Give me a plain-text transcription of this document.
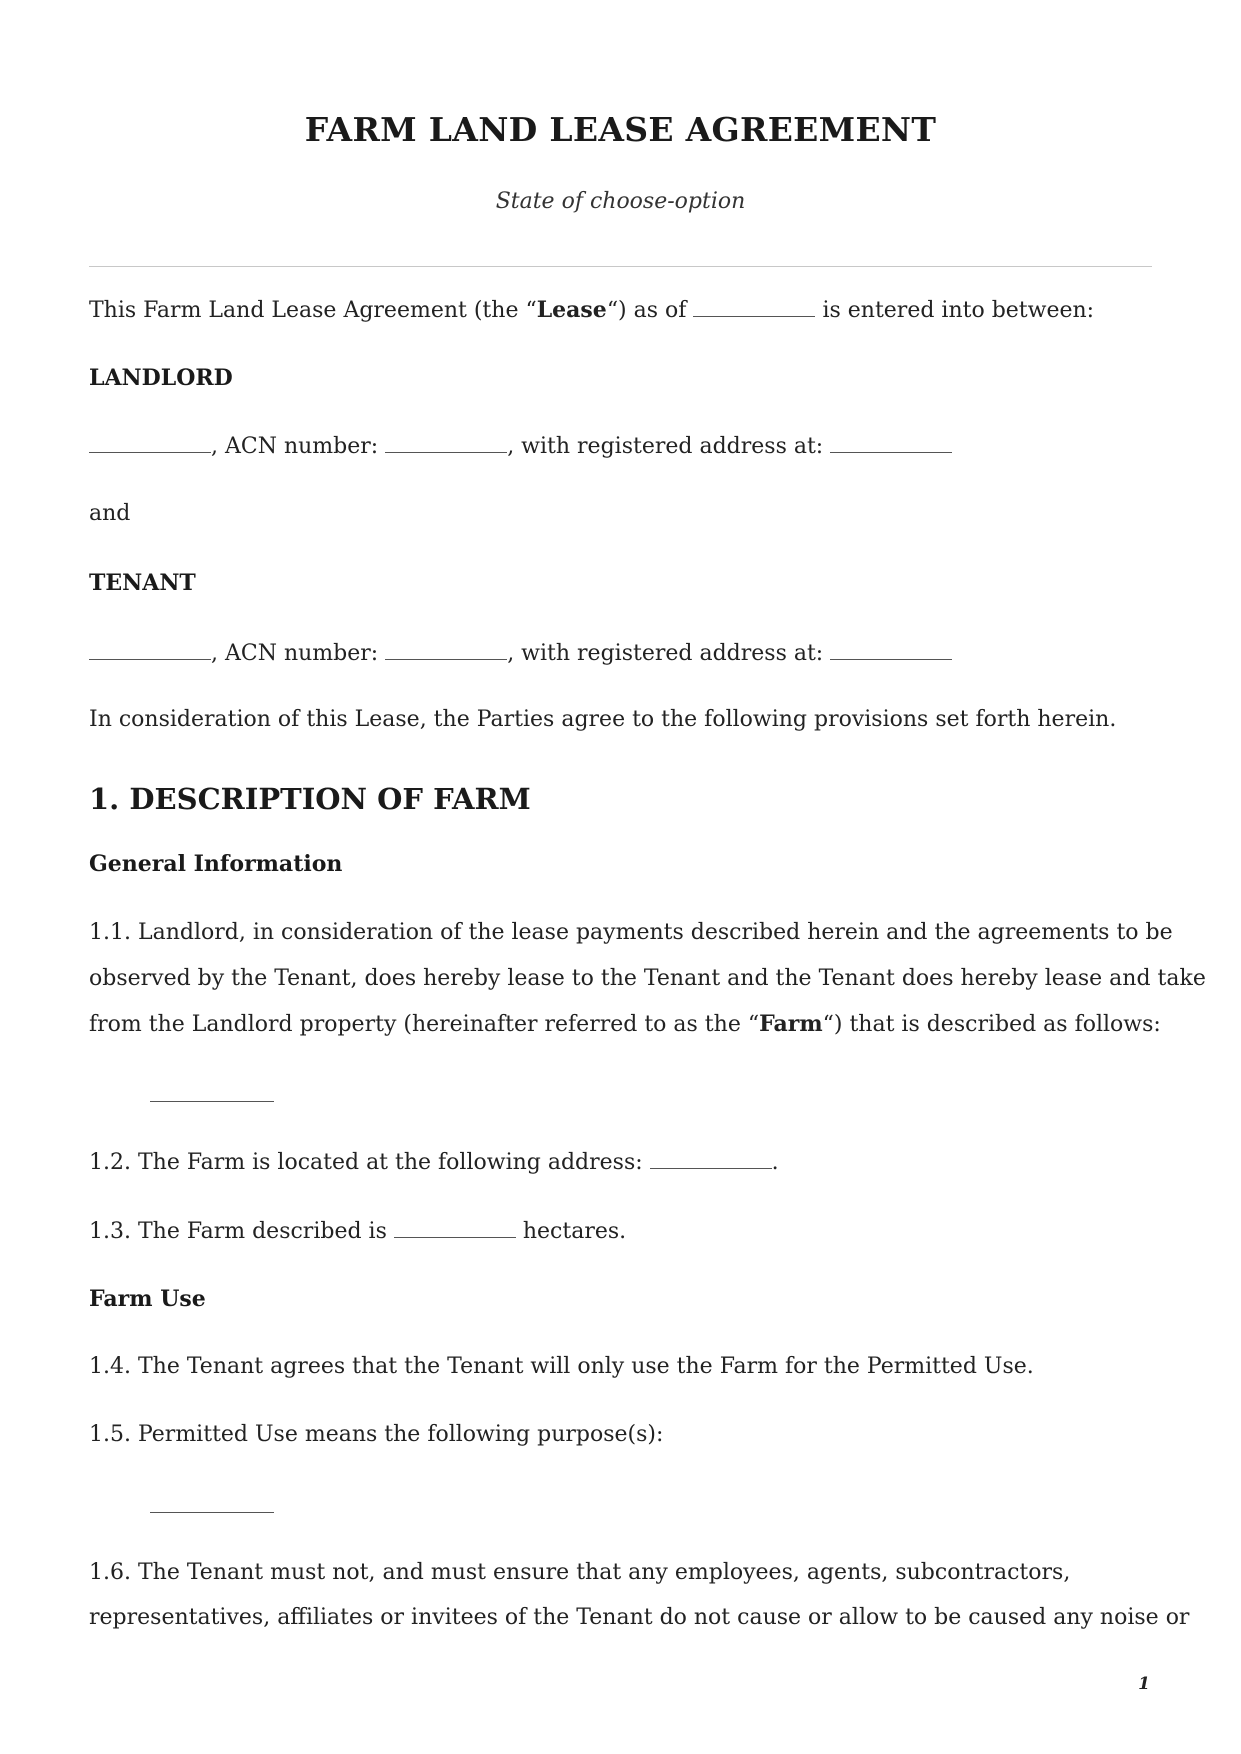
FARM LAND LEASE AGREEMENT
State of choose-option
This Farm Land Lease Agreement (the “Lease“) as of	is entered into between:
LANDLORD
, ACN number:	, with registered address at:
and
TENANT
, ACN number:	, with registered address at:
In consideration of this Lease, the Parties agree to the following provisions set forth herein.
1. DESCRIPTION OF FARM
General Information
1.1. Landlord, in consideration of the lease payments described herein and the agreements to be
observed by the Tenant, does hereby lease to the Tenant and the Tenant does hereby lease and take
from the Landlord property (hereinafter referred to as the “Farm“) that is described as follows:
1.2. The Farm is located at the following address:	.
1.3. The Farm described is	hectares.
Farm Use
1.4. The Tenant agrees that the Tenant will only use the Farm for the Permitted Use.
1.5. Permitted Use means the following purpose(s):
1.6. The Tenant must not, and must ensure that any employees, agents, subcontractors,
representatives, affiliates or invitees of the Tenant do not cause or allow to be caused any noise or
1
